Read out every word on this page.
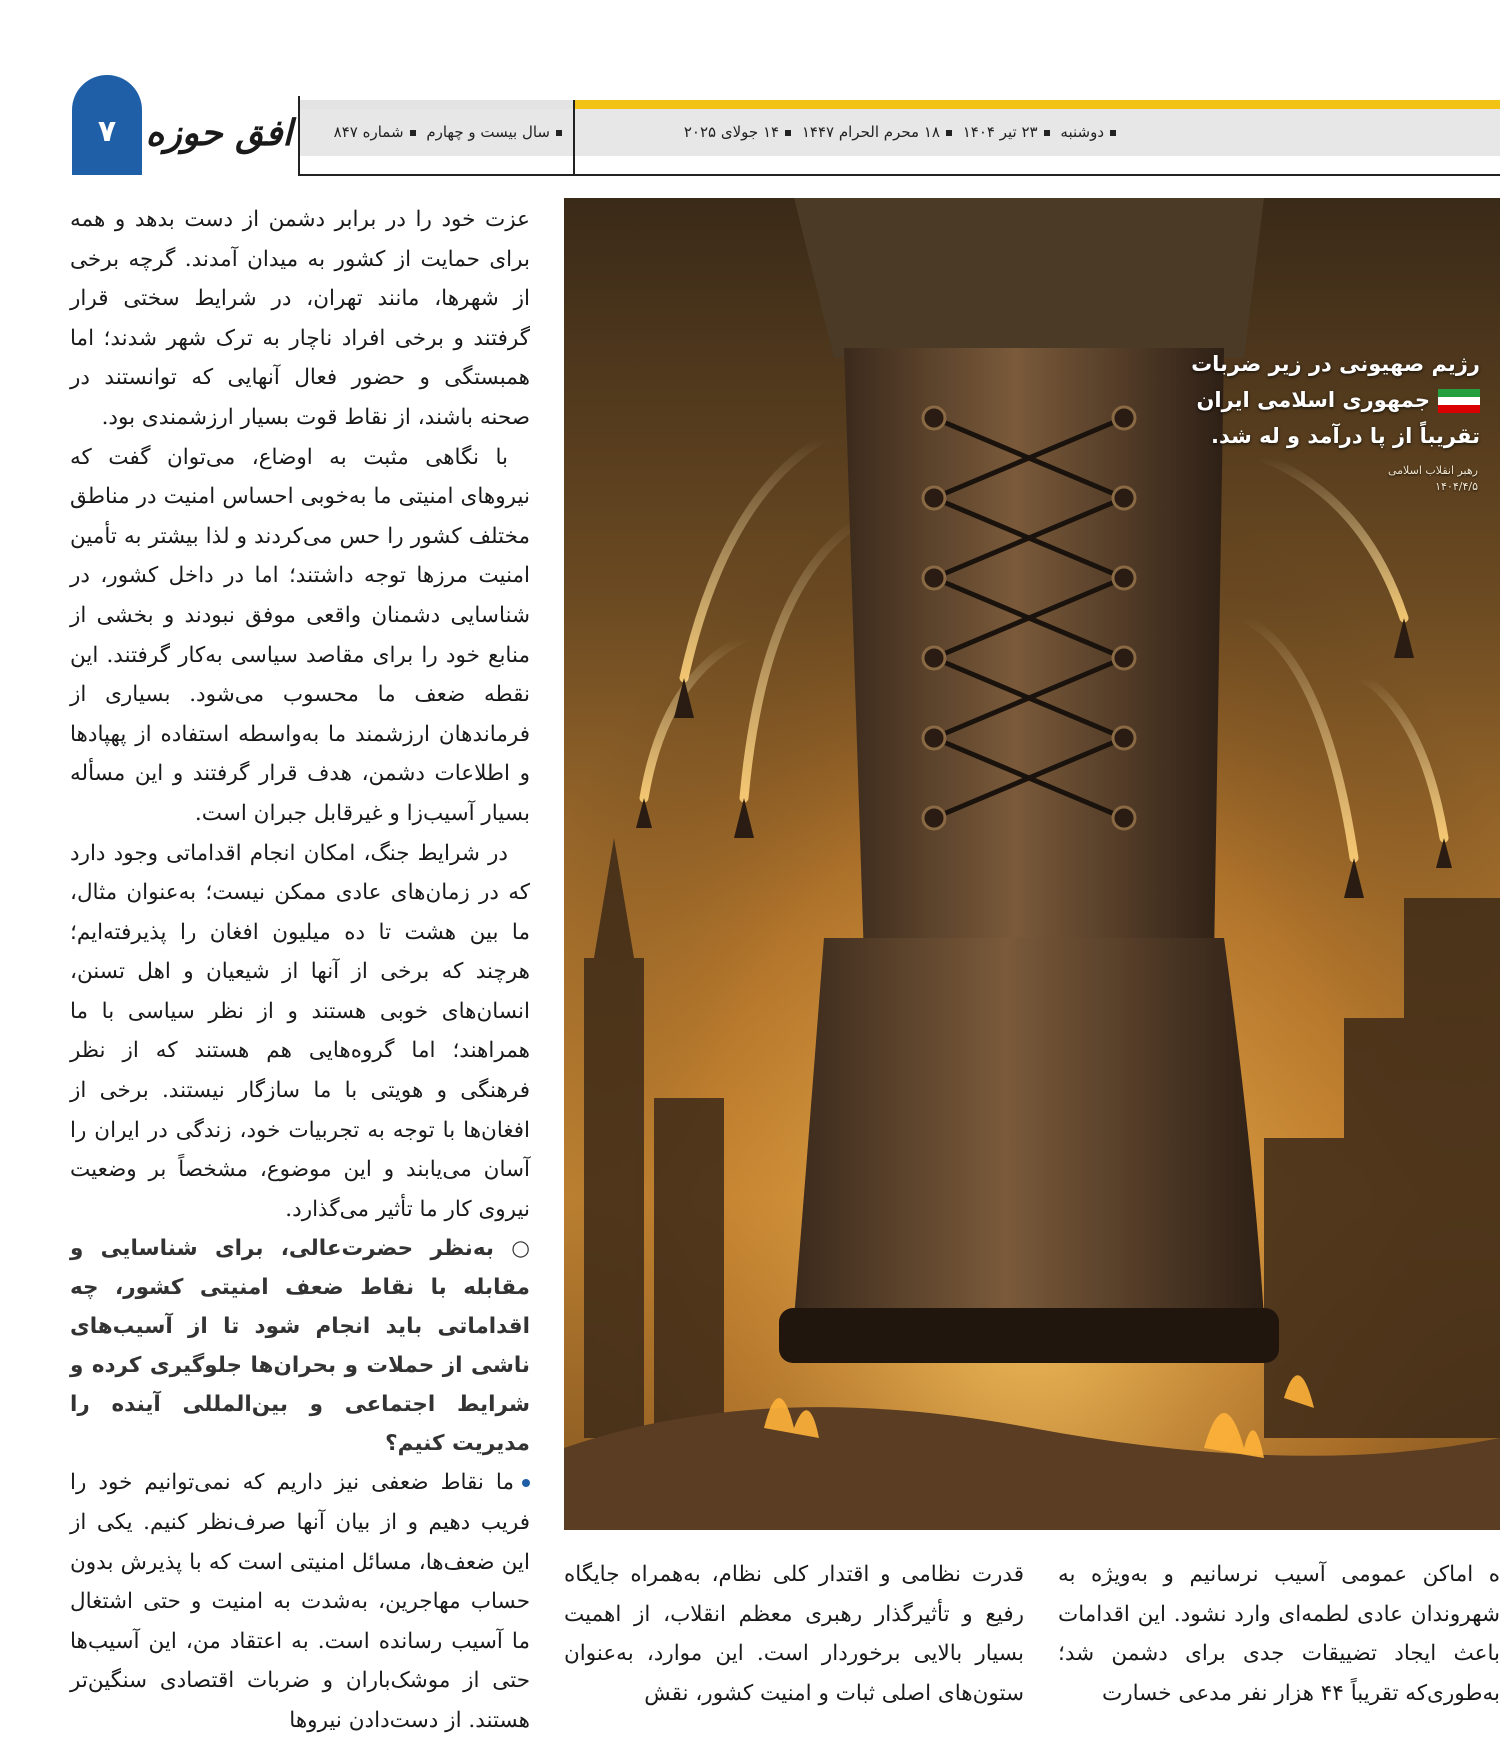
۷ افق حوزه	دوشنبه ۲۳ تیر ۱۴۰۴ ۱۸ محرم الحرام ۱۴۴۷ ۱۴ جولای ۲۰۲۵
سال بیست و چهارم شماره ۸۴۷

عزت خود را در برابر دشمن از دست بدهد و همه برای حمایت از کشور به میدان آمدند. گرچه برخی از شهرها، مانند تهران، در شرایط سختی قرار گرفتند و برخی افراد ناچار به ترک شهر شدند؛ اما همبستگی و حضور فعال آنهایی که توانستند در صحنه باشند، از نقاط قوت بسیار ارزشمندی بود.

با نگاهی مثبت به اوضاع، می‌توان گفت که نیروهای امنیتی ما به‌خوبی احساس امنیت در مناطق مختلف کشور را حس می‌کردند و لذا بیشتر به تأمین امنیت مرزها توجه داشتند؛ اما در داخل کشور، در شناسایی دشمنان واقعی موفق نبودند و بخشی از منابع خود را برای مقاصد سیاسی به‌کار گرفتند. این نقطه ضعف ما محسوب می‌شود. بسیاری از فرماندهان ارزشمند ما به‌واسطه استفاده از پهپادها و اطلاعات دشمن، هدف قرار گرفتند و این مسأله بسیار آسیب‌زا و غیرقابل جبران است.

در شرایط جنگ، امکان انجام اقداماتی وجود دارد که در زمان‌های عادی ممکن نیست؛ به‌عنوان مثال، ما بین هشت تا ده میلیون افغان را پذیرفته‌ایم؛ هرچند که برخی از آنها از شیعیان و اهل تسنن، انسان‌های خوبی هستند و از نظر سیاسی با ما همراهند؛ اما گروه‌هایی هم هستند که از نظر فرهنگی و هویتی با ما سازگار نیستند. برخی از افغان‌ها با توجه به تجربیات خود، زندگی در ایران را آسان می‌یابند و این موضوع، مشخصاً بر وضعیت نیروی کار ما تأثیر می‌گذارد.

○ به‌نظر حضرت‌عالی، برای شناسایی و مقابله با نقاط ضعف امنیتی کشور، چه اقداماتی باید انجام شود تا از آسیب‌های ناشی از حملات و بحران‌ها جلوگیری کرده و شرایط اجتماعی و بین‌المللی آینده را مدیریت کنیم؟

ما نقاط ضعفی نیز داریم که نمی‌توانیم خود را فریب دهیم و از بیان آنها صرف‌نظر کنیم. یکی از این ضعف‌ها، مسائل امنیتی است که با پذیرش بدون حساب مهاجرین، به‌شدت به امنیت و حتی اشتغال ما آسیب رسانده است. به اعتقاد من، این آسیب‌ها حتی از موشک‌باران و ضربات اقتصادی سنگین‌تر هستند. از دست‌دادن نیروها

رژیم صهیونی در زیر ضربات
جمهوری اسلامی ایران
تقریباً از پا درآمد و له شد.
رهبر انقلاب اسلامی
۱۴۰۴/۴/۵

قدرت نظامی و اقتدار کلی نظام، به‌همراه جایگاه رفیع و تأثیرگذار رهبری معظم انقلاب، از اهمیت بسیار بالایی برخوردار است. این موارد، به‌عنوان ستون‌های اصلی ثبات و امنیت کشور، نقش

ه اماکن عمومی آسیب نرسانیم و به‌ویژه به شهروندان عادی لطمه‌ای وارد نشود. این اقدامات باعث ایجاد تضییقات جدی برای دشمن شد؛ به‌طوری‌که تقریباً ۴۴ هزار نفر مدعی خسارت
